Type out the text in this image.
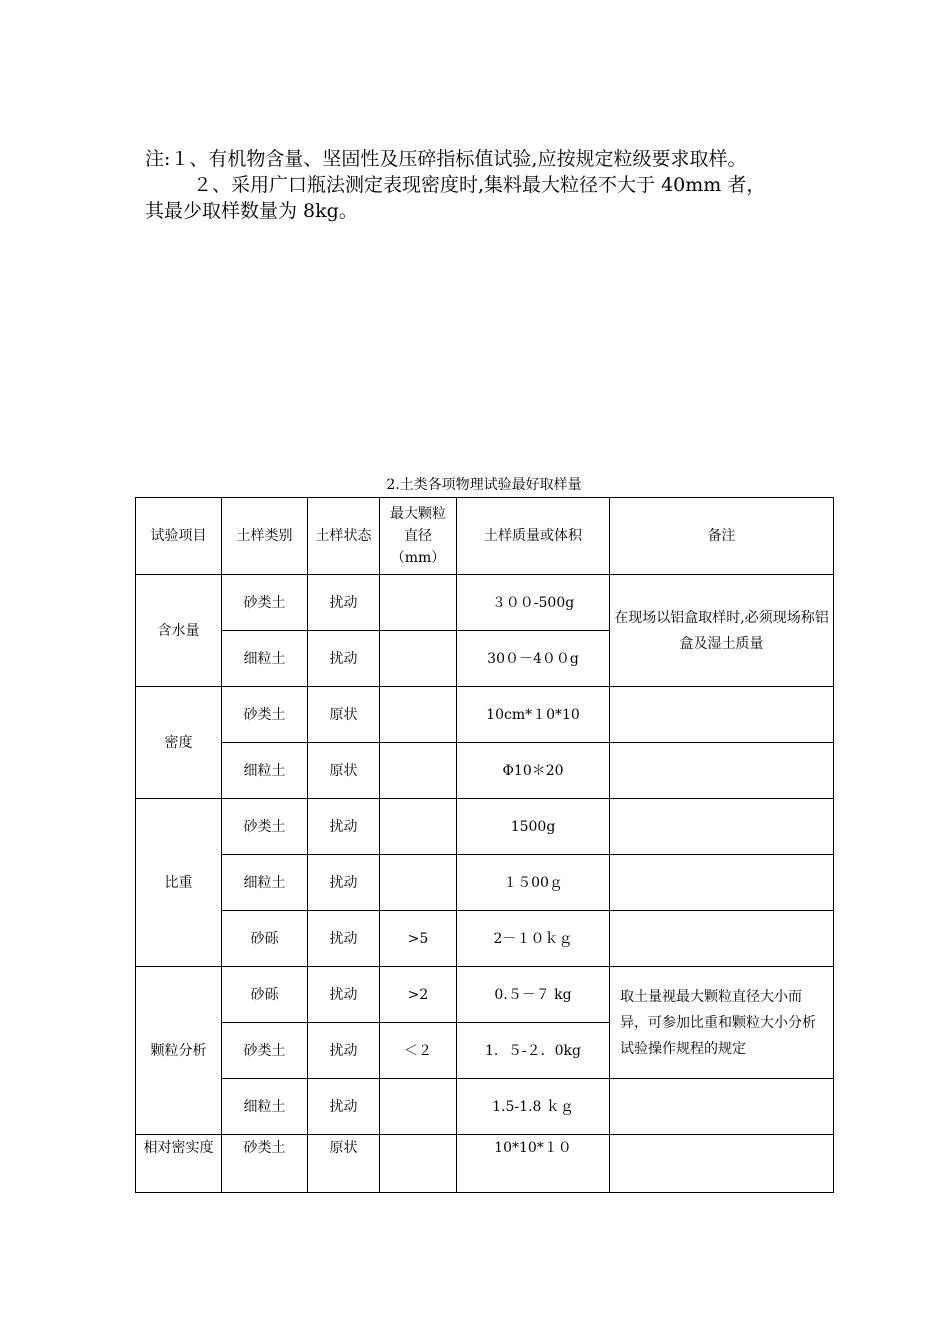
注:１、有机物含量、坚固性及压碎指标值试验,应按规定粒级要求取样。

２、采用广口瓶法测定表现密度时,集料最大粒径不大于 40mm 者，

其最少取样数量为 8kg。

2.土类各项物理试验最好取样量
试验项目	土样类别	土样状态	最大颗粒直径（mm）	土样质量或体积	备注
含水量	砂类土	扰动		３００-500g	在现场以铝盒取样时,必须现场称铝盒及湿土质量
	细粒土	扰动		30０－4００g	
密度	砂类土	原状		10cm*１0*10	
	细粒土	原状		Φ10＊20	
比重	砂类土	扰动		1500g	
	细粒土	扰动		１５00ｇ	
	砂砾	扰动	>5	2－１０ｋｇ	
颗粒分析	砂砾	扰动	>2	0.５－７ kg	取土量视最大颗粒直径大小而异，可参加比重和颗粒大小分析试验操作规程的规定
	砂类土	扰动	＜２	1．５-２．0kg	
	细粒土	扰动		1.5-1.8 ｋｇ	
相对密实度	砂类土	原状		10*10*１０	
